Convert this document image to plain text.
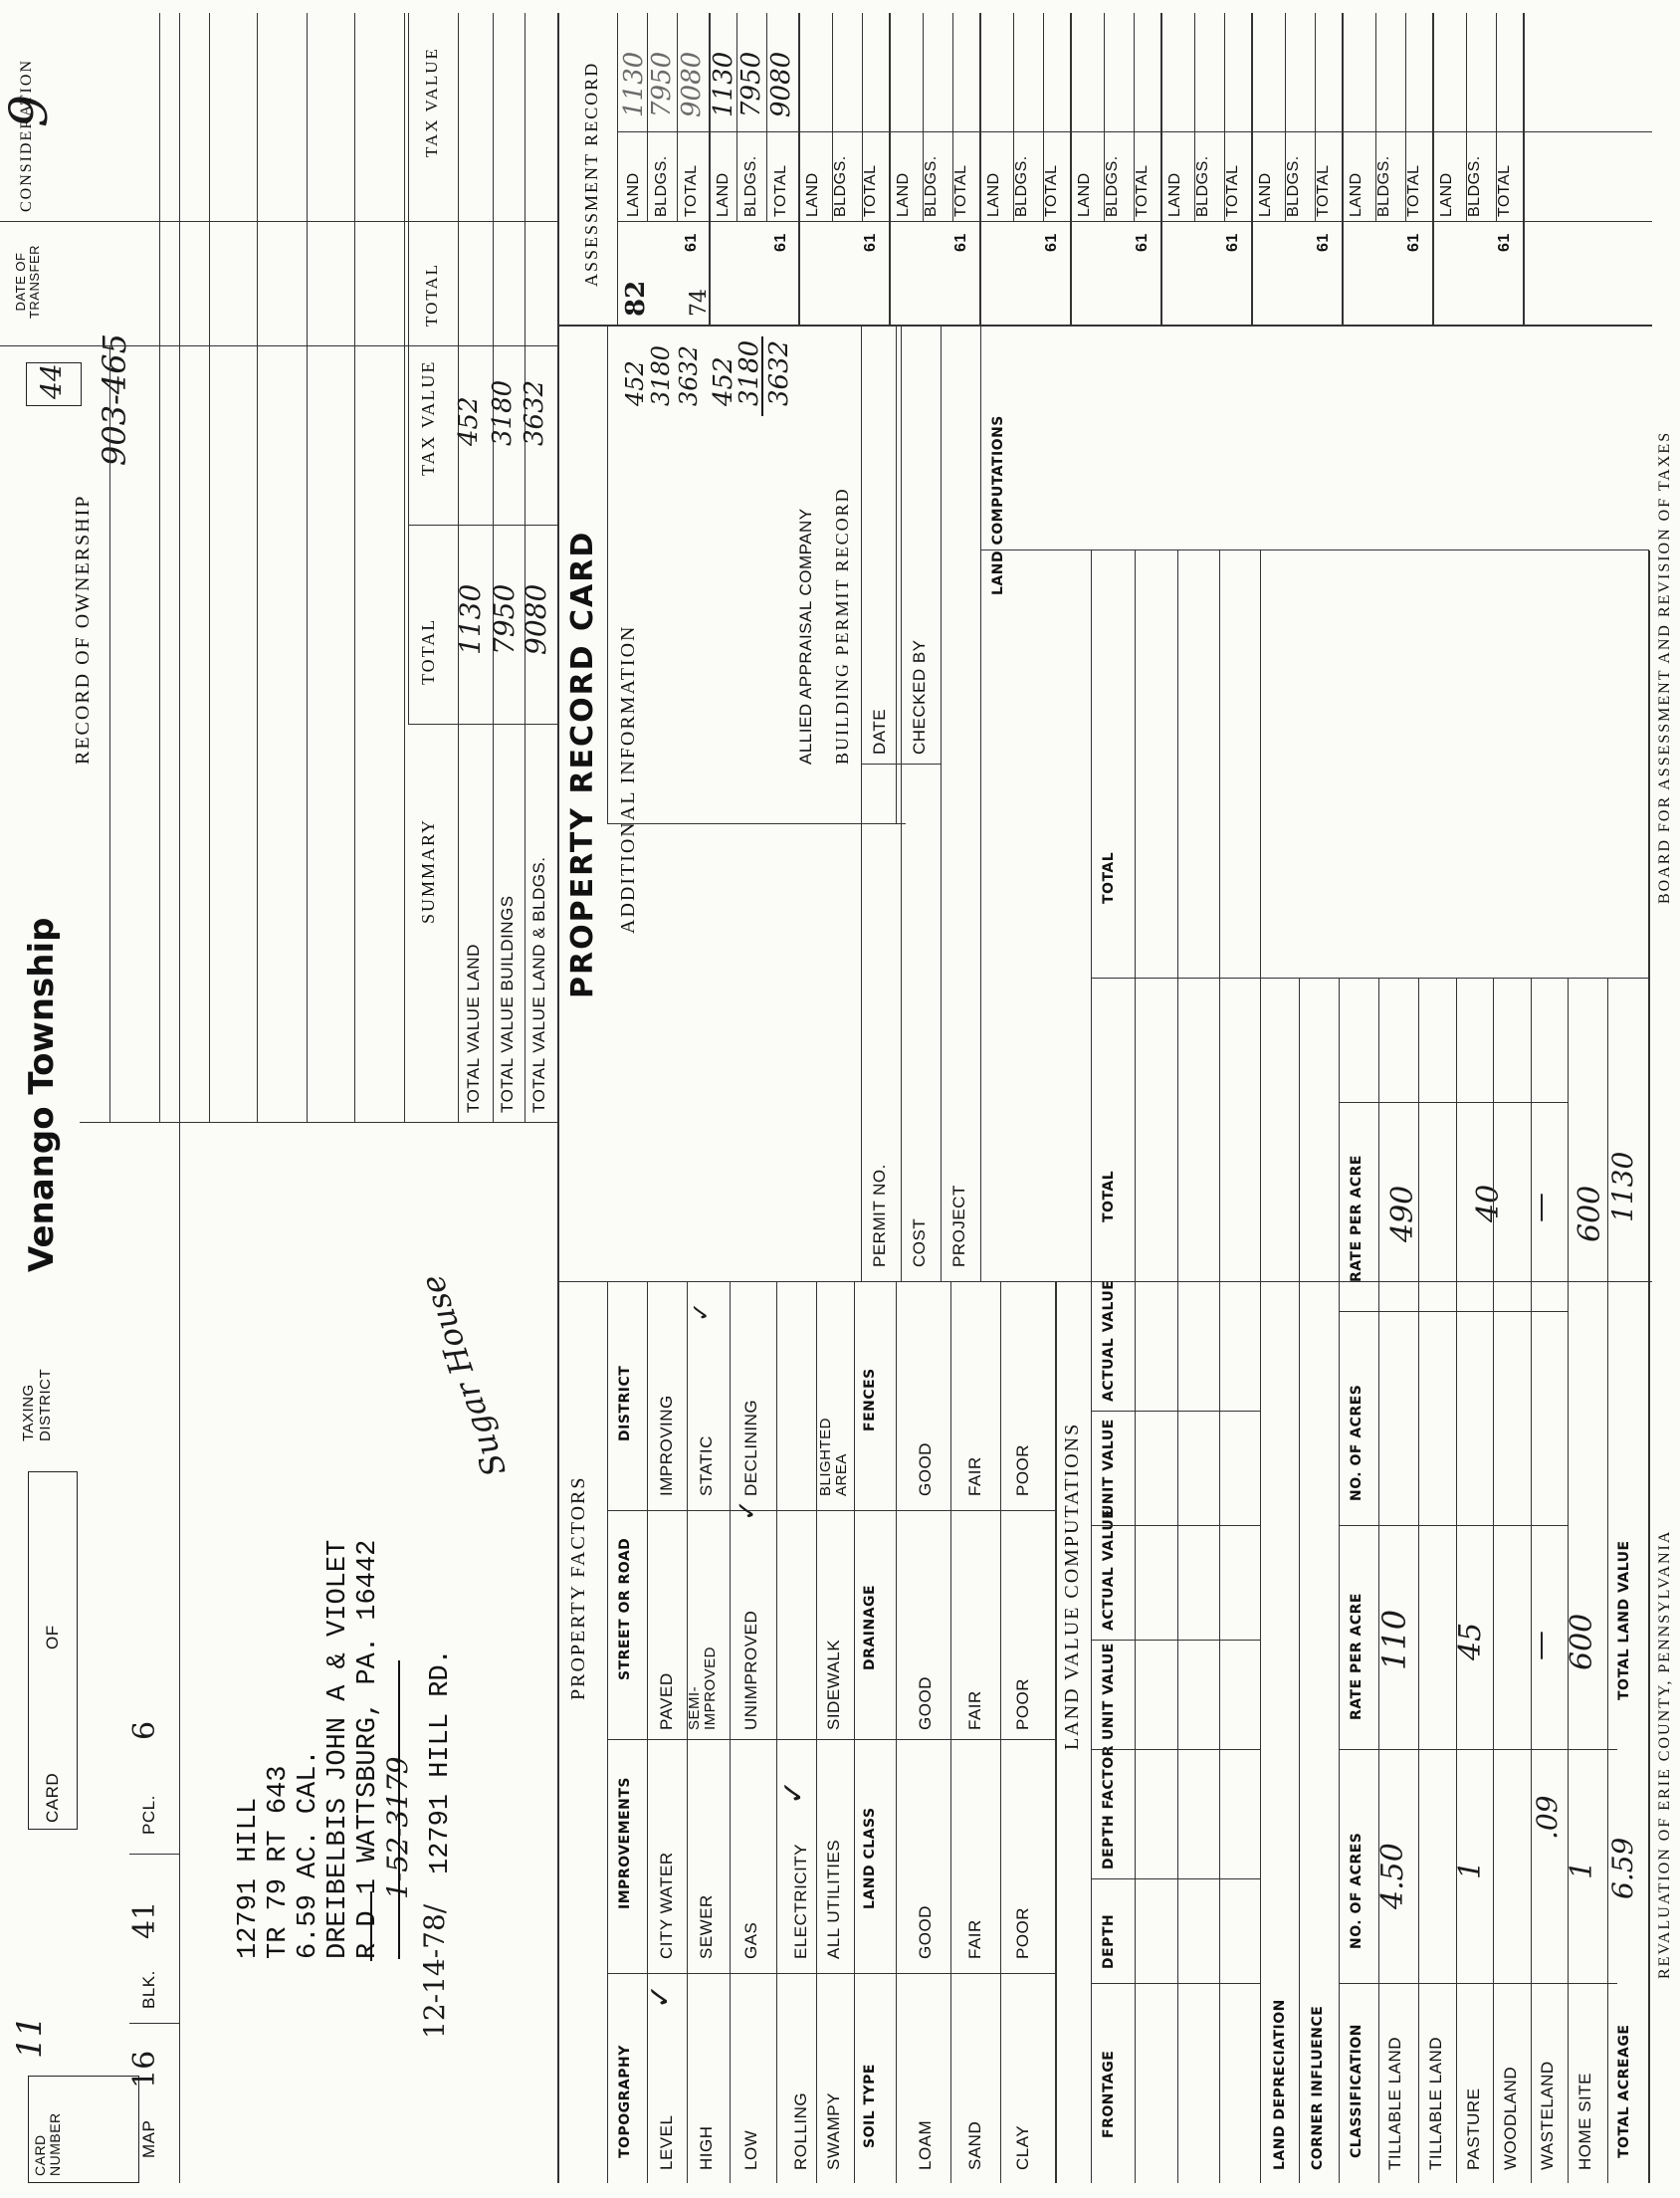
CARD NUMBER
11
CARD
OF
TAXING DISTRICT
Venango Township
44
9
MAP
16
BLK.
41
PCL.
6
12791 HILL TR 79 RT 643 6.59 AC. CAL. DREIBELBIS JOHN A & VIOLET R D 1 WATTSBURG, PA. 16442
1-52-3179
12-14-78/
12791 HILL RD.
Sugar House
RECORD OF OWNERSHIP
903-465
DATE OF TRANSFER
CONSIDERATION
TOTAL
TAX VALUE
SUMMARY
TOTAL
TAX VALUE
TOTAL VALUE LAND
1130
452
TOTAL VALUE BUILDINGS
7950
3180
TOTAL VALUE LAND & BLDGS.
9080
3632
PROPERTY FACTORS
TOPOGRAPHY
IMPROVEMENTS
STREET OR ROAD
DISTRICT
LEVEL HIGH LOW ROLLING SWAMPY
CITY WATER SEWER GAS ELECTRICITY ALL UTILITIES
PAVED SEMI-IMPROVED UNIMPROVED	SIDEWALK
IMPROVING STATIC DECLINING	BLIGHTED AREA
✓
✓
✓
✓
SOIL TYPE
LAND CLASS
DRAINAGE
FENCES
LOAM SAND CLAY
GOOD FAIR POOR
GOOD FAIR POOR
GOOD FAIR POOR LAND VALUE COMPUTATIONS
FRONTAGE
DEPTH
DEPTH FACTOR
UNIT VALUE
ACTUAL VALUE
UNIT VALUE
ACTUAL VALUE
TOTAL
TOTAL
LAND DEPRECIATION CORNER INFLUENCE CLASSIFICATION
NO. OF ACRES
RATE PER ACRE
NO. OF ACRES
RATE PER ACRE
TILLABLE LAND
4.50
110
490
TILLABLE LAND PASTURE
1
45
40
WOODLAND WASTELAND
.09
—
—
HOME SITE
1
600
600
TOTAL ACREAGE
6.59
TOTAL LAND VALUE
1130
PROPERTY RECORD CARD ADDITIONAL INFORMATION
452
3180 3632 452
3180 3632
ALLIED APPRAISAL COMPANY BUILDING PERMIT RECORD
PERMIT NO.
DATE
COST
CHECKED BY
PROJECT
LAND COMPUTATIONS
ASSESSMENT RECORD
82 74
LAND BLDGS. TOTAL
61
1130
7950 9080
LAND BLDGS. TOTAL
61
1130
7950 9080
LAND BLDGS. TOTAL
61
LAND BLDGS. TOTAL
61
LAND BLDGS. TOTAL
61
LAND BLDGS. TOTAL
61
LAND BLDGS. TOTAL
61
LAND BLDGS. TOTAL
61
LAND BLDGS. TOTAL
61
LAND BLDGS. TOTAL
61
REVALUATION OF ERIE COUNTY, PENNSYLVANIA
BOARD FOR ASSESSMENT AND REVISION OF TAXES
